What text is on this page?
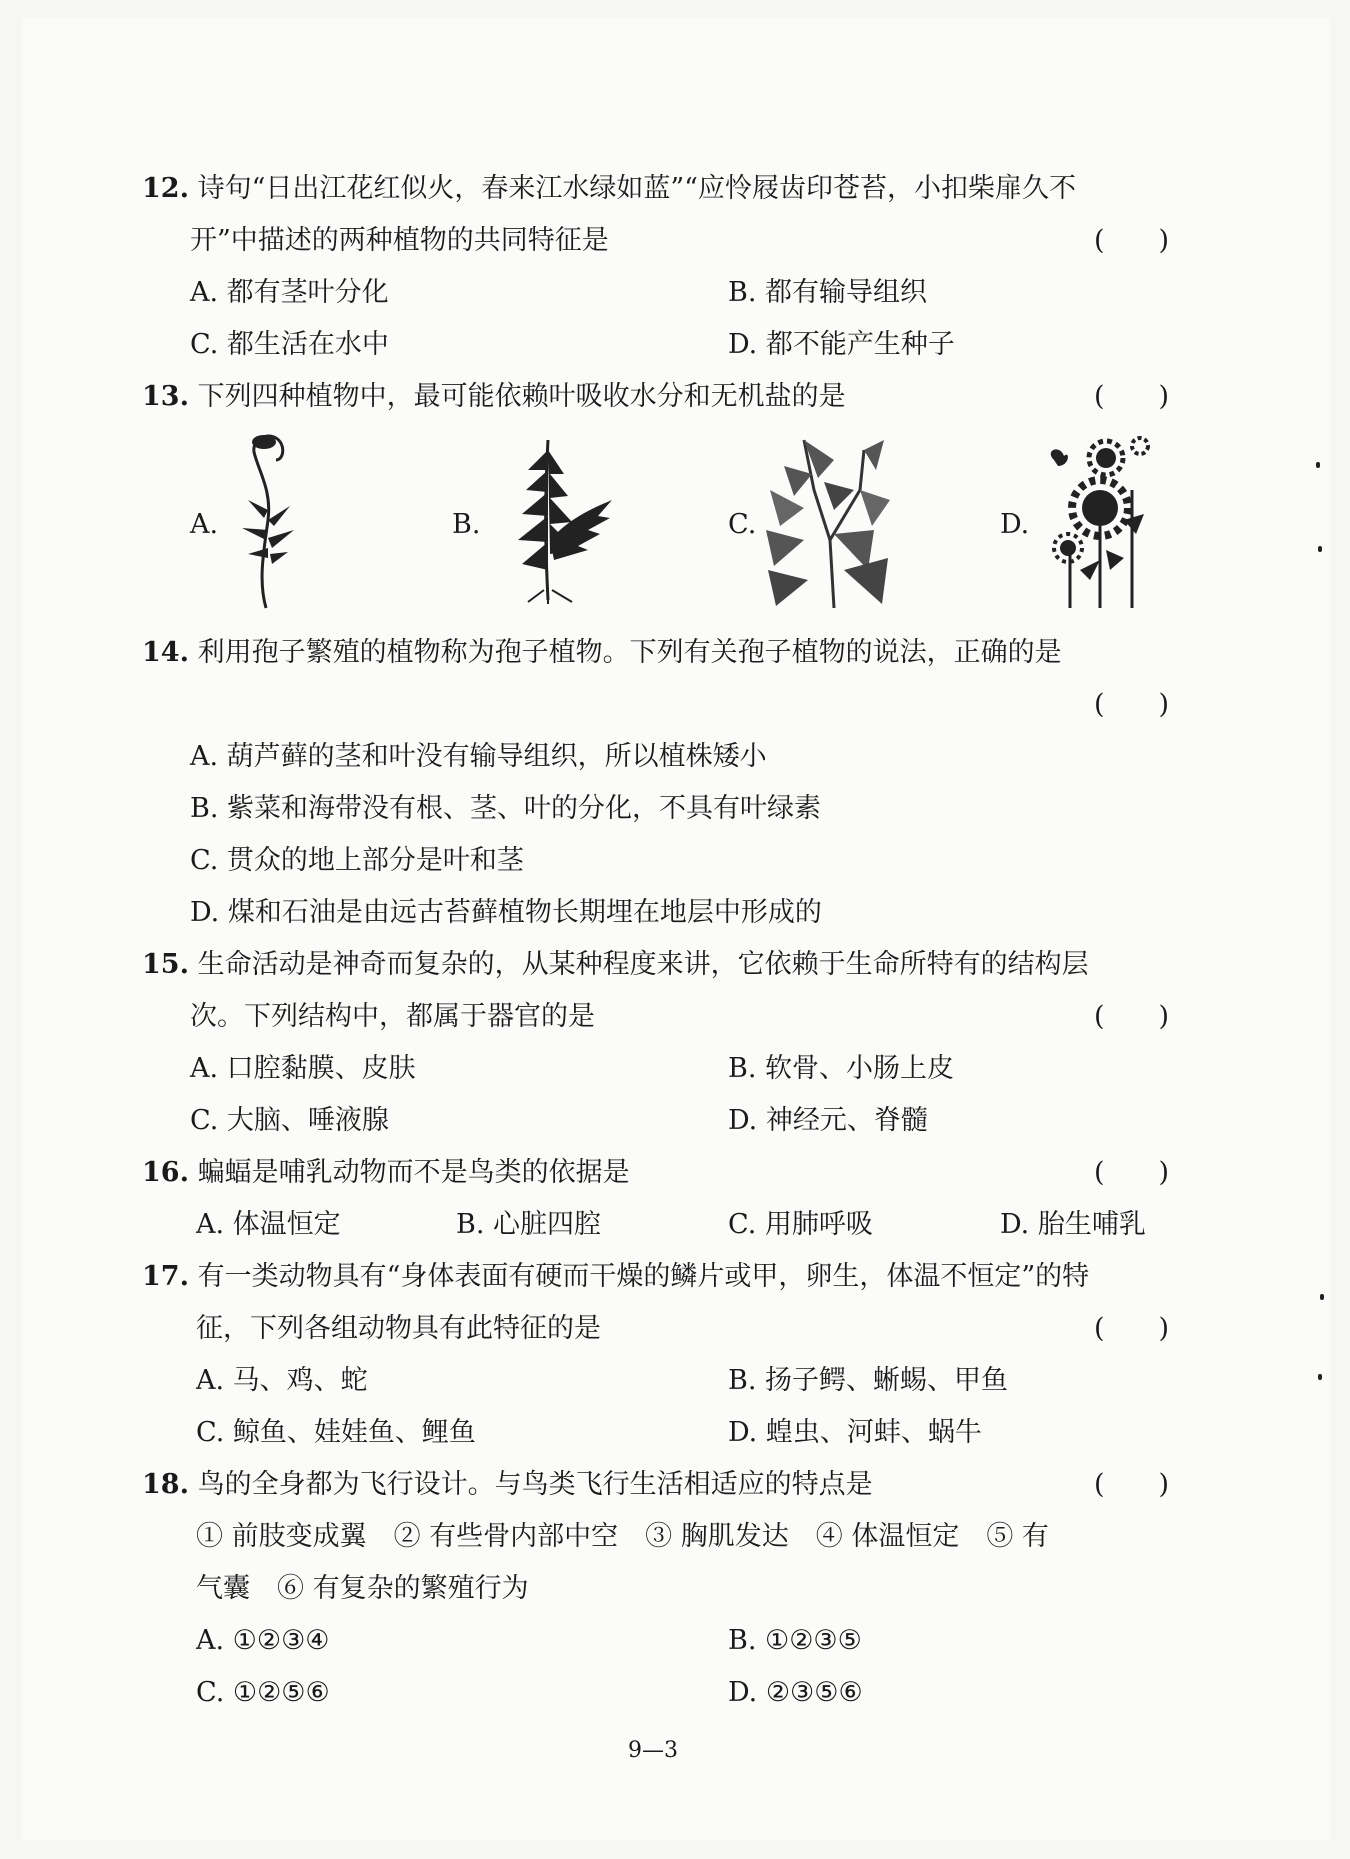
12. 诗句“日出江花红似火，春来江水绿如蓝”“应怜屐齿印苍苔，小扣柴扉久不
开”中描述的两种植物的共同特征是	(　　)
A. 都有茎叶分化	B. 都有输导组织
C. 都生活在水中	D. 都不能产生种子
13. 下列四种植物中，最可能依赖叶吸收水分和无机盐的是	(　　)
A.	B.	C.	D.
14. 利用孢子繁殖的植物称为孢子植物。下列有关孢子植物的说法，正确的是
(　　)
A. 葫芦藓的茎和叶没有输导组织，所以植株矮小
B. 紫菜和海带没有根、茎、叶的分化，不具有叶绿素
C. 贯众的地上部分是叶和茎
D. 煤和石油是由远古苔藓植物长期埋在地层中形成的
15. 生命活动是神奇而复杂的，从某种程度来讲，它依赖于生命所特有的结构层
次。下列结构中，都属于器官的是	(　　)
A. 口腔黏膜、皮肤	B. 软骨、小肠上皮
C. 大脑、唾液腺	D. 神经元、脊髓
16. 蝙蝠是哺乳动物而不是鸟类的依据是	(　　)
A. 体温恒定	B. 心脏四腔	C. 用肺呼吸	D. 胎生哺乳
17. 有一类动物具有“身体表面有硬而干燥的鳞片或甲，卵生，体温不恒定”的特
征，下列各组动物具有此特征的是	(　　)
A. 马、鸡、蛇	B. 扬子鳄、蜥蜴、甲鱼
C. 鲸鱼、娃娃鱼、鲤鱼	D. 蝗虫、河蚌、蜗牛
18. 鸟的全身都为飞行设计。与鸟类飞行生活相适应的特点是	(　　)
① 前肢变成翼　② 有些骨内部中空　③ 胸肌发达　④ 体温恒定　⑤ 有
气囊　⑥ 有复杂的繁殖行为
A. ①②③④	B. ①②③⑤
C. ①②⑤⑥	D. ②③⑤⑥
9—3
